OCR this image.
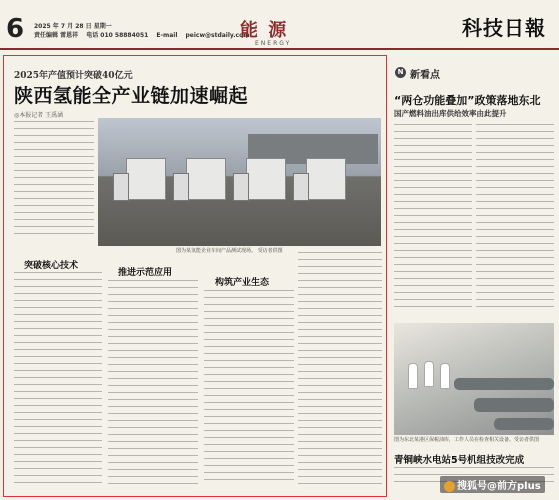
6 2025 年 7 月 28 日 星期一
责任编辑 雷恩祥 电话 010 58884051 E-mail peicw@stdaily.com
能 源
ENERGY
科技日報
2025年产值预计突破40亿元
陕西氢能全产业链加速崛起
◎本报记者 王禹涵
图为某氢能企业车间产品测试现场。 受访者供图
突破核心技术
推进示范应用
构筑产业生态
N 新看点
“两仓功能叠加”政策落地东北
国产燃料油出库供给效率由此提升
图为东北某港区保税油库，工作人员在检查相关设备。受访者供图
青铜峡水电站5号机组技改完成
搜狐号@前方plus
